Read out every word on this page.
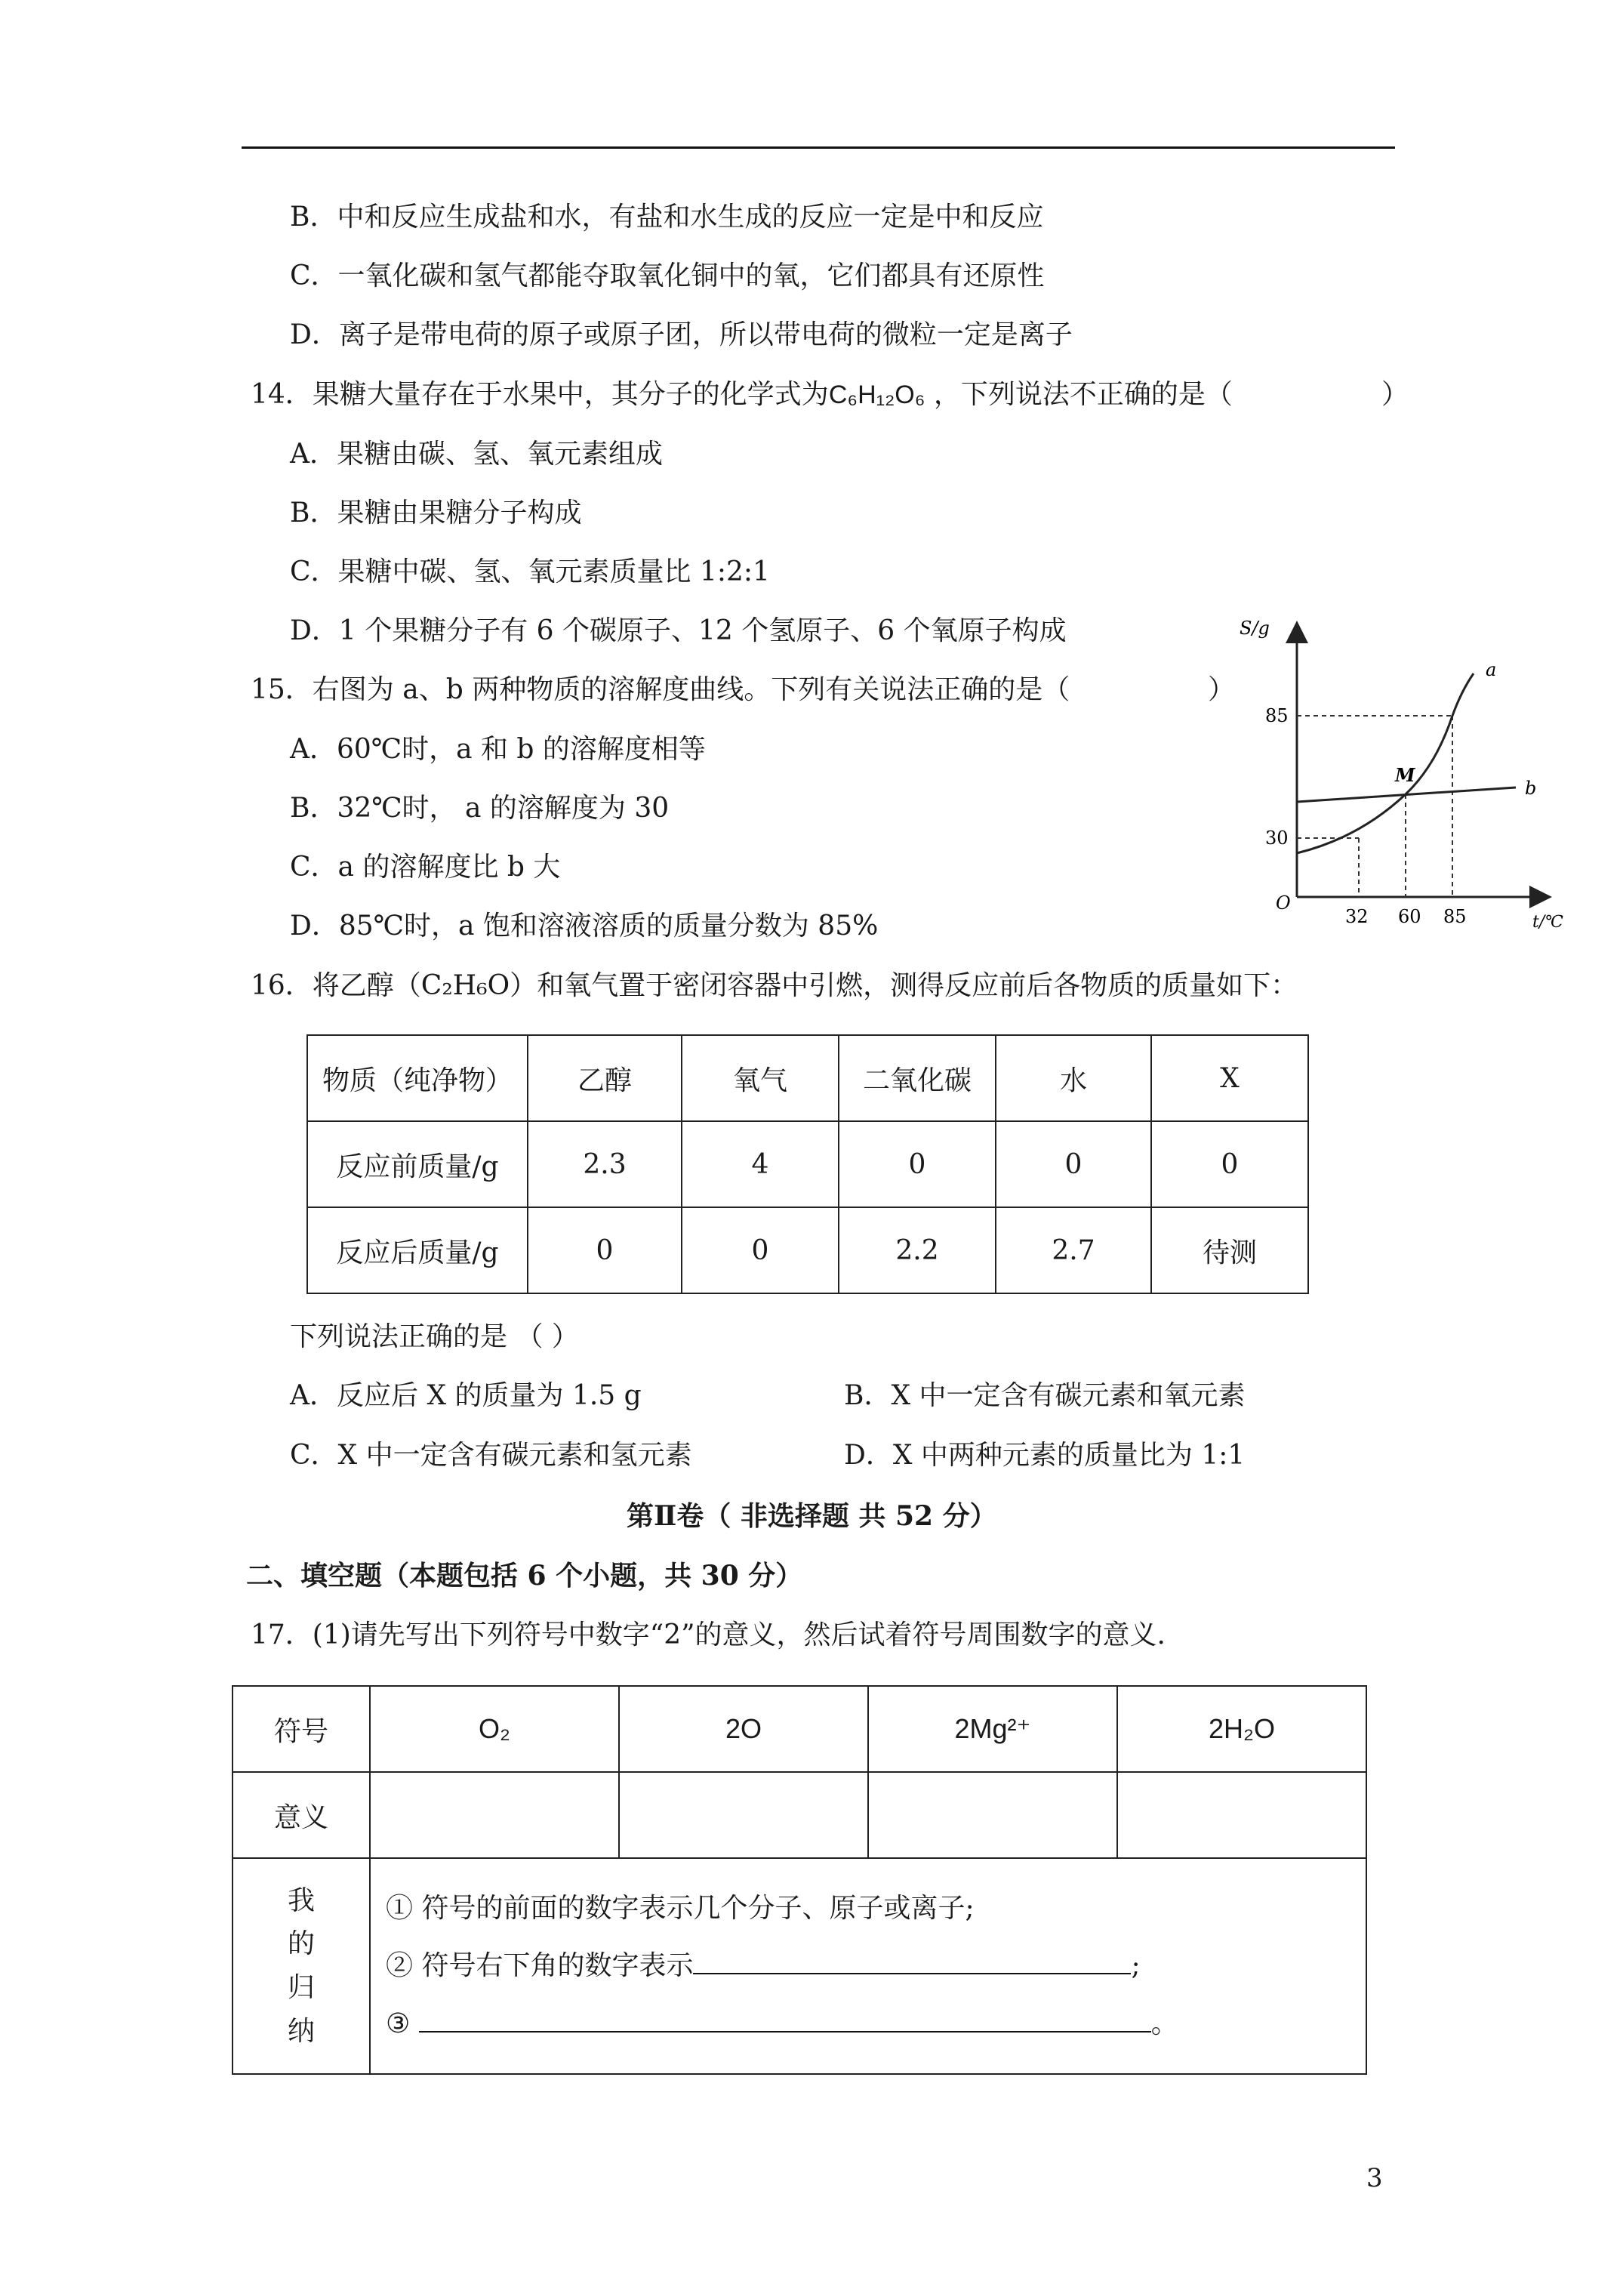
B．中和反应生成盐和水，有盐和水生成的反应一定是中和反应
C．一氧化碳和氢气都能夺取氧化铜中的氧，它们都具有还原性
D．离子是带电荷的原子或原子团，所以带电荷的微粒一定是离子
14．果糖大量存在于水果中，其分子的化学式为C₆H₁₂O₆ ，下列说法不正确的是（	）
A．果糖由碳、氢、氧元素组成
B．果糖由果糖分子构成
C．果糖中碳、氢、氧元素质量比 1:2:1
D．1 个果糖分子有 6 个碳原子、12 个氢原子、6 个氧原子构成
15．右图为 a、b 两种物质的溶解度曲线。下列有关说法正确的是（	）
A．60℃时，a 和 b 的溶解度相等
B．32℃时， a 的溶解度为 30
C．a 的溶解度比 b 大
D．85℃时，a 饱和溶液溶质的质量分数为 85%
S/g
t/℃
O
32 60 85
30
85
a
b
M
16．将乙醇（C₂H₆O）和氧气置于密闭容器中引燃，测得反应前后各物质的质量如下：
物质（纯净物）	乙醇	氧气	二氧化碳	水	X
反应前质量/g	2.3	4	0	0	0
反应后质量/g	0	0	2.2	2.7	待测
下列说法正确的是 （ ）
A．反应后 X 的质量为 1.5 g	B．X 中一定含有碳元素和氧元素
C．X 中一定含有碳元素和氢元素	D．X 中两种元素的质量比为 1:1
第Ⅱ卷（ 非选择题 共 52 分）
二、填空题（本题包括 6 个小题，共 30 分）
17．(1)请先写出下列符号中数字“2”的意义，然后试着符号周围数字的意义.
符号	O₂	2O	2Mg²⁺	2H₂O
意义				

我的归纳	① 符号的前面的数字表示几个分子、原子或离子;
② 符号右下角的数字表示 ;
③ 。			
3
